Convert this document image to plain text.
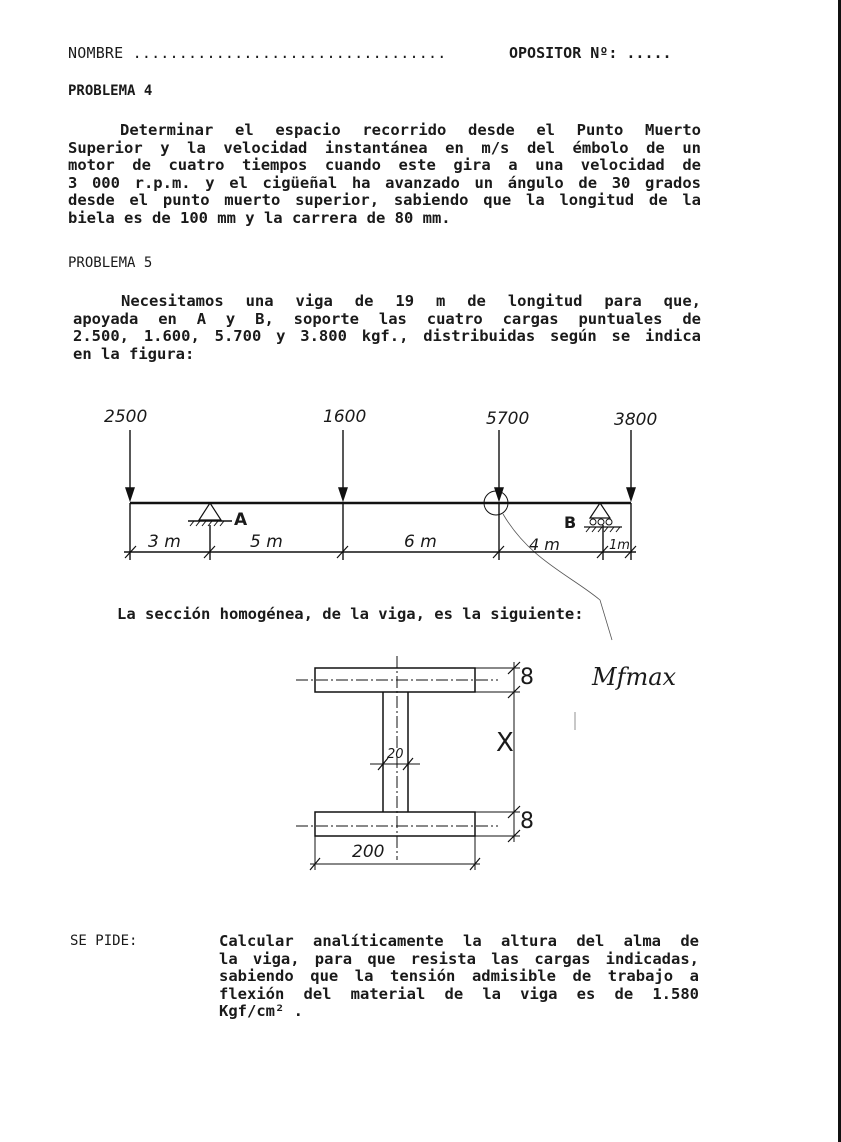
NOMBRE ..................................	OPOSITOR Nº: .....
PROBLEMA 4
Determinar el espacio recorrido desde el Punto Muerto
Superior y la velocidad instantánea en m/s del émbolo de un
motor de cuatro tiempos cuando este gira a una velocidad de
3 000 r.p.m. y el cigüeñal ha avanzado un ángulo de 30 grados
desde el punto muerto superior, sabiendo que la longitud de la
biela es de 100 mm y la carrera de 80 mm.
PROBLEMA 5
Necesitamos una viga de 19 m de longitud para que,
apoyada en A y B, soporte las cuatro cargas puntuales de
2.500, 1.600, 5.700 y 3.800 kgf., distribuidas según se indica
en la figura:
2500	1600	5700	3800
A	B
3 m	5 m	6 m	4 m	1m
La sección homogénea, de la viga, es la siguiente:
8
8
20	X
200
Mfmax
SE PIDE:	Calcular analíticamente la altura del alma de
la viga, para que resista las cargas indicadas,
sabiendo que la tensión admisible de trabajo a
flexión del material de la viga es de 1.580
Kgf/cm² .
